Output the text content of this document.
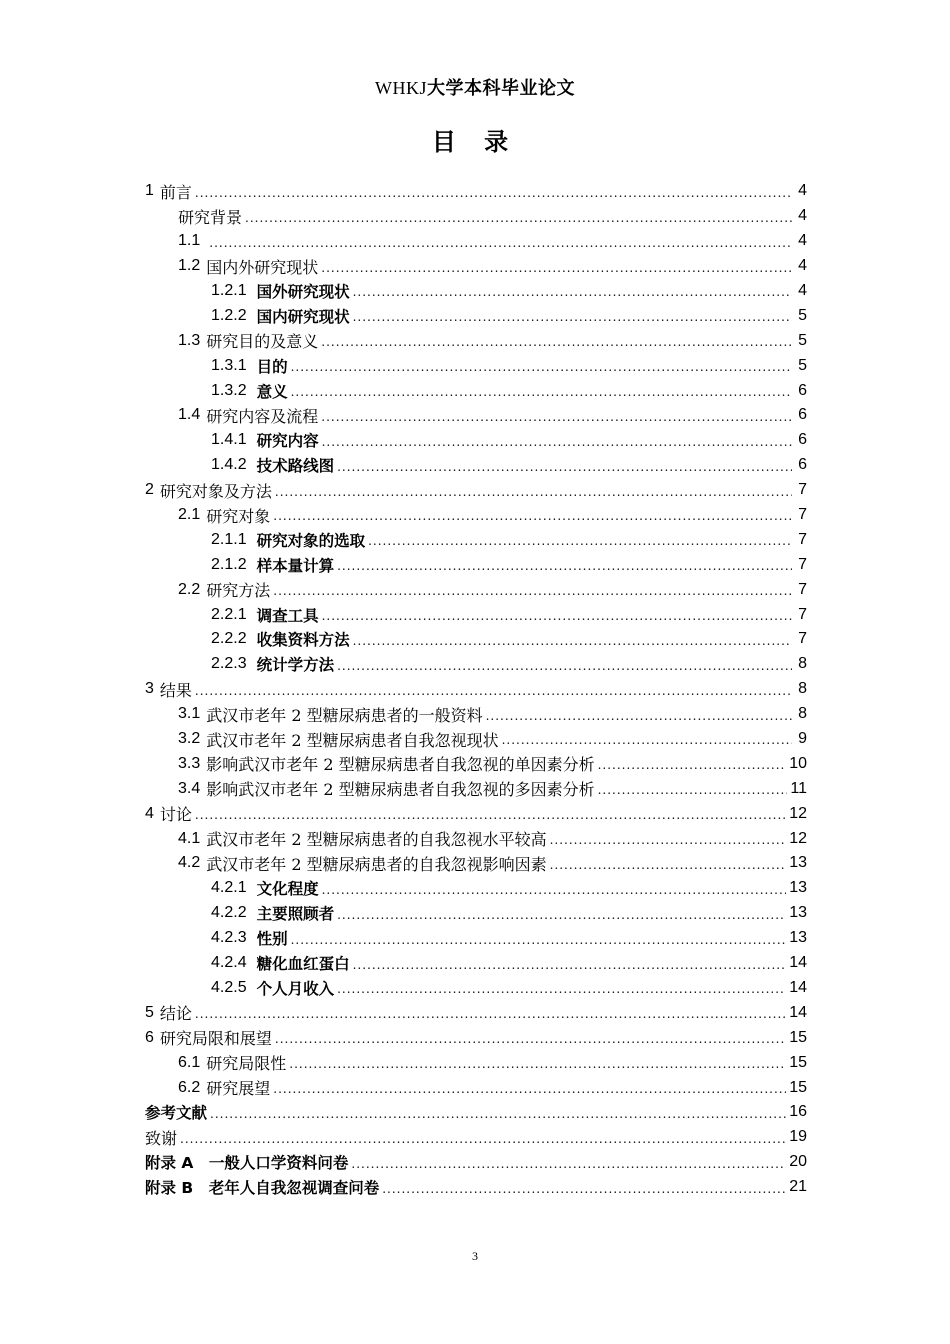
WHKJ大学本科毕业论文
目 录
1 前言 .....	4
研究背景 .....	4
1.1 .....	4
1.2 国内外研究现状 .....	4
1.2.1 国外研究现状 .....	4
1.2.2 国内研究现状 .....	5
1.3 研究目的及意义 .....	5
1.3.1 目的 .....	5
1.3.2 意义 .....	6
1.4 研究内容及流程 .....	6
1.4.1 研究内容 .....	6
1.4.2 技术路线图 .....	6
2 研究对象及方法 .....	7
2.1 研究对象 .....	7
2.1.1 研究对象的选取 .....	7
2.1.2 样本量计算 .....	7
2.2 研究方法 .....	7
2.2.1 调查工具 .....	7
2.2.2 收集资料方法 .....	7
2.2.3 统计学方法 .....	8
3 结果 .....	8
3.1 武汉市老年 2 型糖尿病患者的一般资料 .....	8
3.2 武汉市老年 2 型糖尿病患者自我忽视现状 .....	9
3.3 影响武汉市老年 2 型糖尿病患者自我忽视的单因素分析 .....	10
3.4 影响武汉市老年 2 型糖尿病患者自我忽视的多因素分析 .....	11
4 讨论 .....	12
4.1 武汉市老年 2 型糖尿病患者的自我忽视水平较高 .....	12
4.2 武汉市老年 2 型糖尿病患者的自我忽视影响因素 .....	13
4.2.1 文化程度 .....	13
4.2.2 主要照顾者 .....	13
4.2.3 性别 .....	13
4.2.4 糖化血红蛋白 .....	14
4.2.5 个人月收入 .....	14
5 结论 .....	14
6 研究局限和展望 .....	15
6.1 研究局限性 .....	15
6.2 研究展望 .....	15
参考文献 .....	16
致谢 .....	19
附录 A　一般人口学资料问卷 .....	20
附录 B　老年人自我忽视调查问卷 .....	21
3
